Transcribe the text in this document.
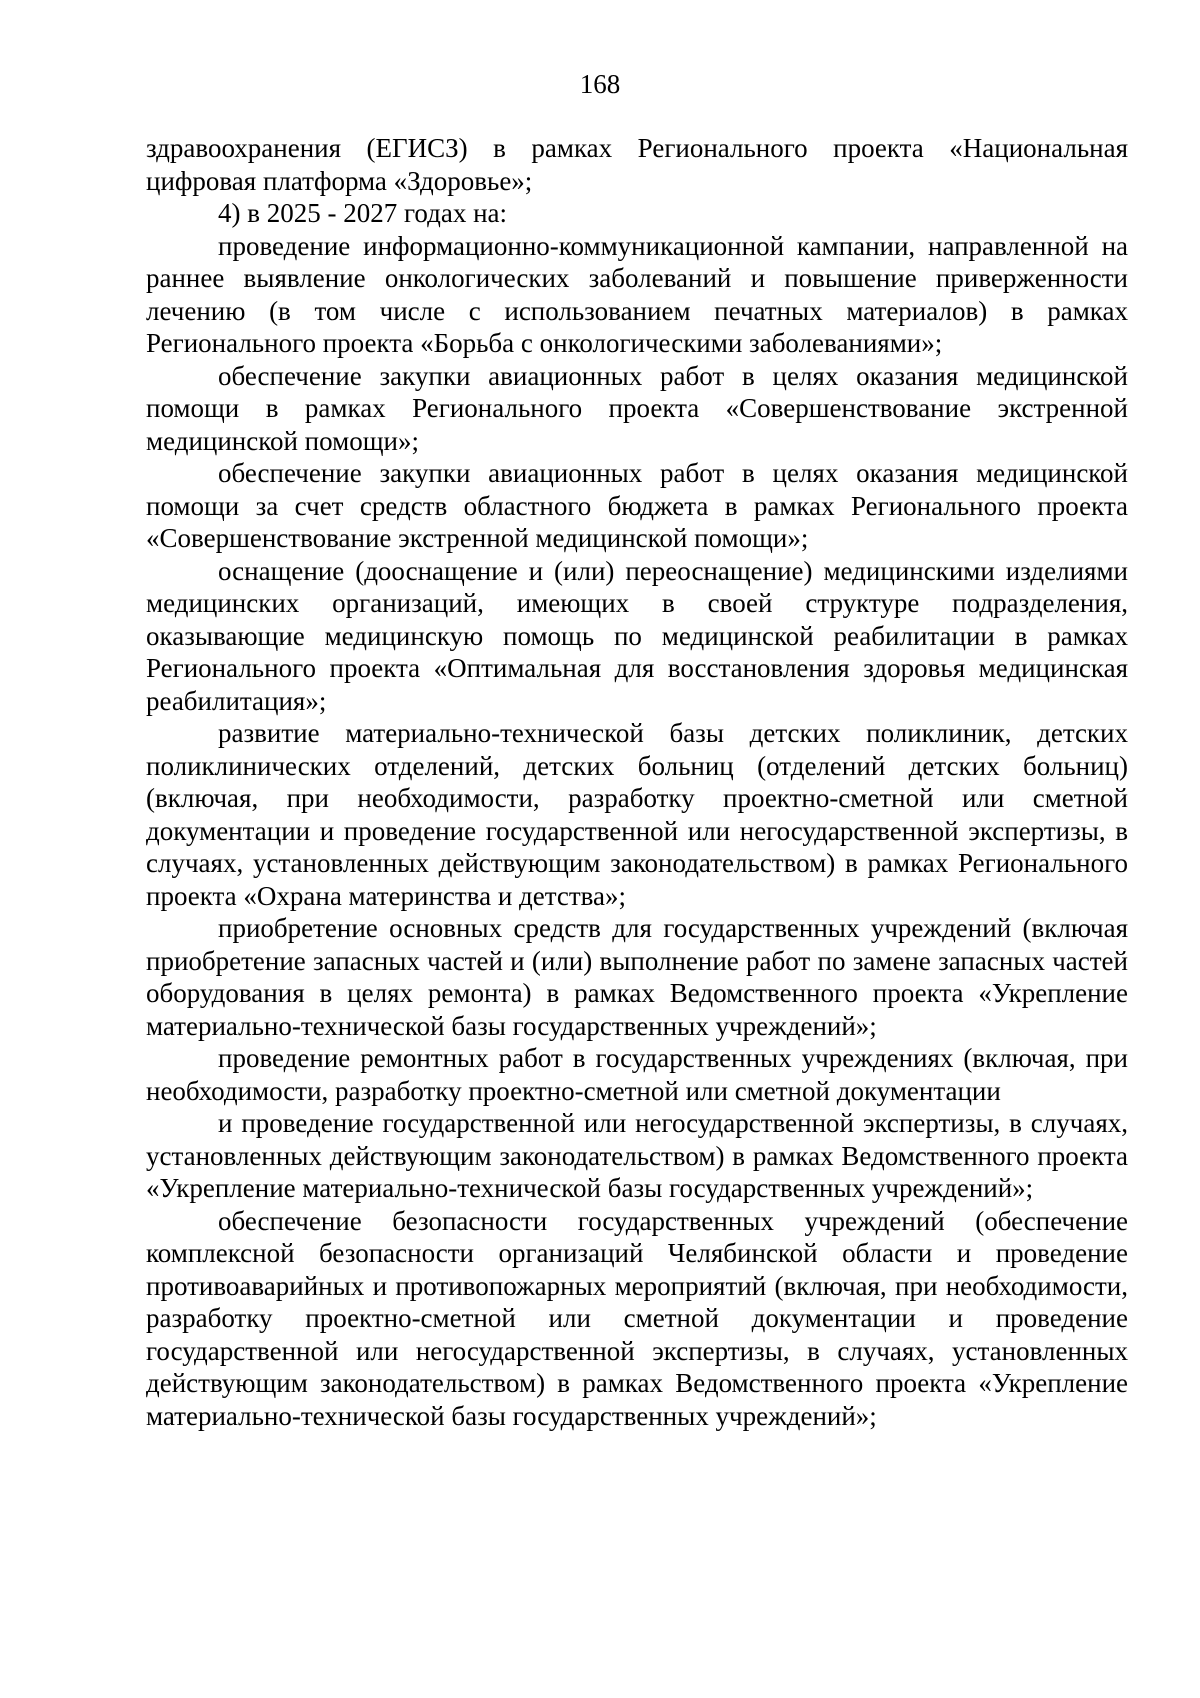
168

здравоохранения (ЕГИСЗ) в рамках Регионального проекта «Национальная цифровая платформа «Здоровье»;

4) в 2025 - 2027 годах на:

проведение информационно-коммуникационной кампании, направленной на раннее выявление онкологических заболеваний и повышение приверженности лечению (в том числе с использованием печатных материалов) в рамках Регионального проекта «Борьба с онкологическими заболеваниями»;

обеспечение закупки авиационных работ в целях оказания медицинской помощи в рамках Регионального проекта «Совершенствование экстренной медицинской помощи»;

обеспечение закупки авиационных работ в целях оказания медицинской помощи за счет средств областного бюджета в рамках Регионального проекта «Совершенствование экстренной медицинской помощи»;

оснащение (дооснащение и (или) переоснащение) медицинскими изделиями медицинских организаций, имеющих в своей структуре подразделения, оказывающие медицинскую помощь по медицинской реабилитации в рамках Регионального проекта «Оптимальная для восстановления здоровья медицинская реабилитация»;

развитие материально-технической базы детских поликлиник, детских поликлинических отделений, детских больниц (отделений детских больниц) (включая, при необходимости, разработку проектно-сметной или сметной документации и проведение государственной или негосударственной экспертизы, в случаях, установленных действующим законодательством) в рамках Регионального проекта «Охрана материнства и детства»;

приобретение основных средств для государственных учреждений (включая приобретение запасных частей и (или) выполнение работ по замене запасных частей оборудования в целях ремонта) в рамках Ведомственного проекта «Укрепление материально-технической базы государственных учреждений»;

проведение ремонтных работ в государственных учреждениях (включая, при необходимости, разработку проектно-сметной или сметной документации

и проведение государственной или негосударственной экспертизы, в случаях, установленных действующим законодательством) в рамках Ведомственного проекта «Укрепление материально-технической базы государственных учреждений»;

обеспечение безопасности государственных учреждений (обеспечение комплексной безопасности организаций Челябинской области и проведение противоаварийных и противопожарных мероприятий (включая, при необходимости, разработку проектно-сметной или сметной документации и проведение государственной или негосударственной экспертизы, в случаях, установленных действующим законодательством) в рамках Ведомственного проекта «Укрепление материально-технической базы государственных учреждений»;
